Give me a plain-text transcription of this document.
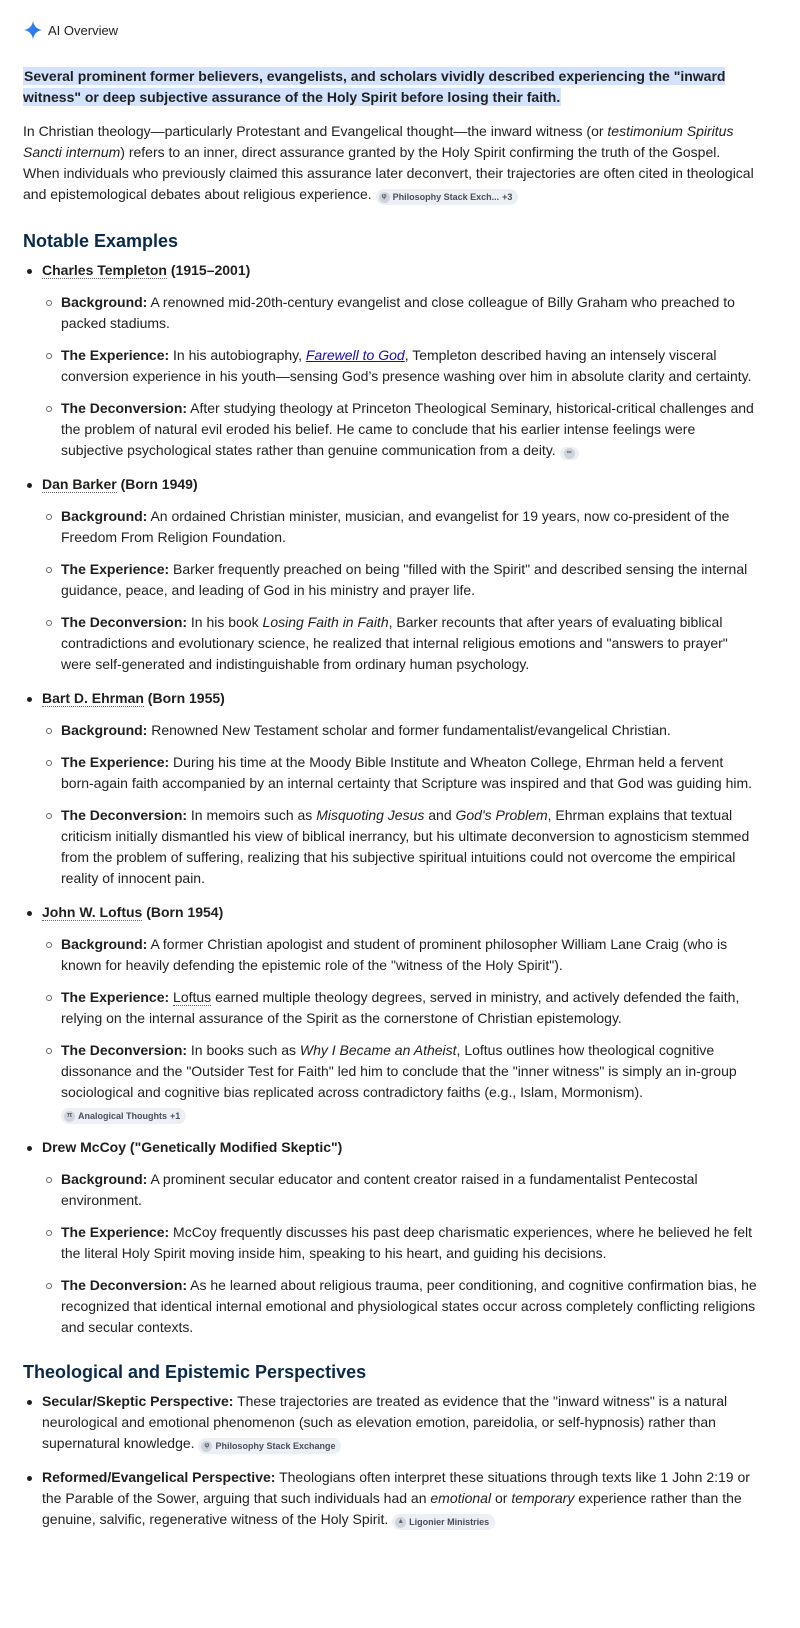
AI Overview
Several prominent former believers, evangelists, and scholars vividly described experiencing the "inward witness" or deep subjective assurance of the Holy Spirit before losing their faith.
In Christian theology—particularly Protestant and Evangelical thought—the inward witness (or testimonium Spiritus Sancti internum) refers to an inner, direct assurance granted by the Holy Spirit confirming the truth of the Gospel. When individuals who previously claimed this assurance later deconvert, their trajectories are often cited in theological and epistemological debates about religious experience. φ Philosophy Stack Exch... +3
Notable Examples
Charles Templeton (1915–2001)
Background: A renowned mid-20th-century evangelist and close colleague of Billy Graham who preached to packed stadiums.
The Experience: In his autobiography, Farewell to God, Templeton described having an intensely visceral conversion experience in his youth—sensing God’s presence washing over him in absolute clarity and certainty.
The Deconversion: After studying theology at Princeton Theological Seminary, historical-critical challenges and the problem of natural evil eroded his belief. He came to conclude that his earlier intense feelings were subjective psychological states rather than genuine communication from a deity.	∞
Dan Barker (Born 1949)
Background: An ordained Christian minister, musician, and evangelist for 19 years, now co-president of the Freedom From Religion Foundation.
The Experience: Barker frequently preached on being "filled with the Spirit" and described sensing the internal guidance, peace, and leading of God in his ministry and prayer life.
The Deconversion: In his book Losing Faith in Faith, Barker recounts that after years of evaluating biblical contradictions and evolutionary science, he realized that internal religious emotions and "answers to prayer" were self-generated and indistinguishable from ordinary human psychology.
Bart D. Ehrman (Born 1955)
Background: Renowned New Testament scholar and former fundamentalist/evangelical Christian.
The Experience: During his time at the Moody Bible Institute and Wheaton College, Ehrman held a fervent born-again faith accompanied by an internal certainty that Scripture was inspired and that God was guiding him.
The Deconversion: In memoirs such as Misquoting Jesus and God's Problem, Ehrman explains that textual criticism initially dismantled his view of biblical inerrancy, but his ultimate deconversion to agnosticism stemmed from the problem of suffering, realizing that his subjective spiritual intuitions could not overcome the empirical reality of innocent pain.
John W. Loftus (Born 1954)
Background: A former Christian apologist and student of prominent philosopher William Lane Craig (who is known for heavily defending the epistemic role of the "witness of the Holy Spirit").
The Experience: Loftus earned multiple theology degrees, served in ministry, and actively defended the faith, relying on the internal assurance of the Spirit as the cornerstone of Christian epistemology.
The Deconversion: In books such as Why I Became an Atheist, Loftus outlines how theological cognitive dissonance and the "Outsider Test for Faith" led him to conclude that the "inner witness" is simply an in-group sociological and cognitive bias replicated across contradictory faiths (e.g., Islam, Mormonism).
π Analogical Thoughts +1
Drew McCoy ("Genetically Modified Skeptic")
Background: A prominent secular educator and content creator raised in a fundamentalist Pentecostal environment.
The Experience: McCoy frequently discusses his past deep charismatic experiences, where he believed he felt the literal Holy Spirit moving inside him, speaking to his heart, and guiding his decisions.
The Deconversion: As he learned about religious trauma, peer conditioning, and cognitive confirmation bias, he recognized that identical internal emotional and physiological states occur across completely conflicting religions and secular contexts.
Theological and Epistemic Perspectives
Secular/Skeptic Perspective: These trajectories are treated as evidence that the "inward witness" is a natural neurological and emotional phenomenon (such as elevation emotion, pareidolia, or self-hypnosis) rather than supernatural knowledge. φ Philosophy Stack Exchange
Reformed/Evangelical Perspective: Theologians often interpret these situations through texts like 1 John 2:19 or the Parable of the Sower, arguing that such individuals had an emotional or temporary experience rather than the genuine, salvific, regenerative witness of the Holy Spirit. ▲ Ligonier Ministries
